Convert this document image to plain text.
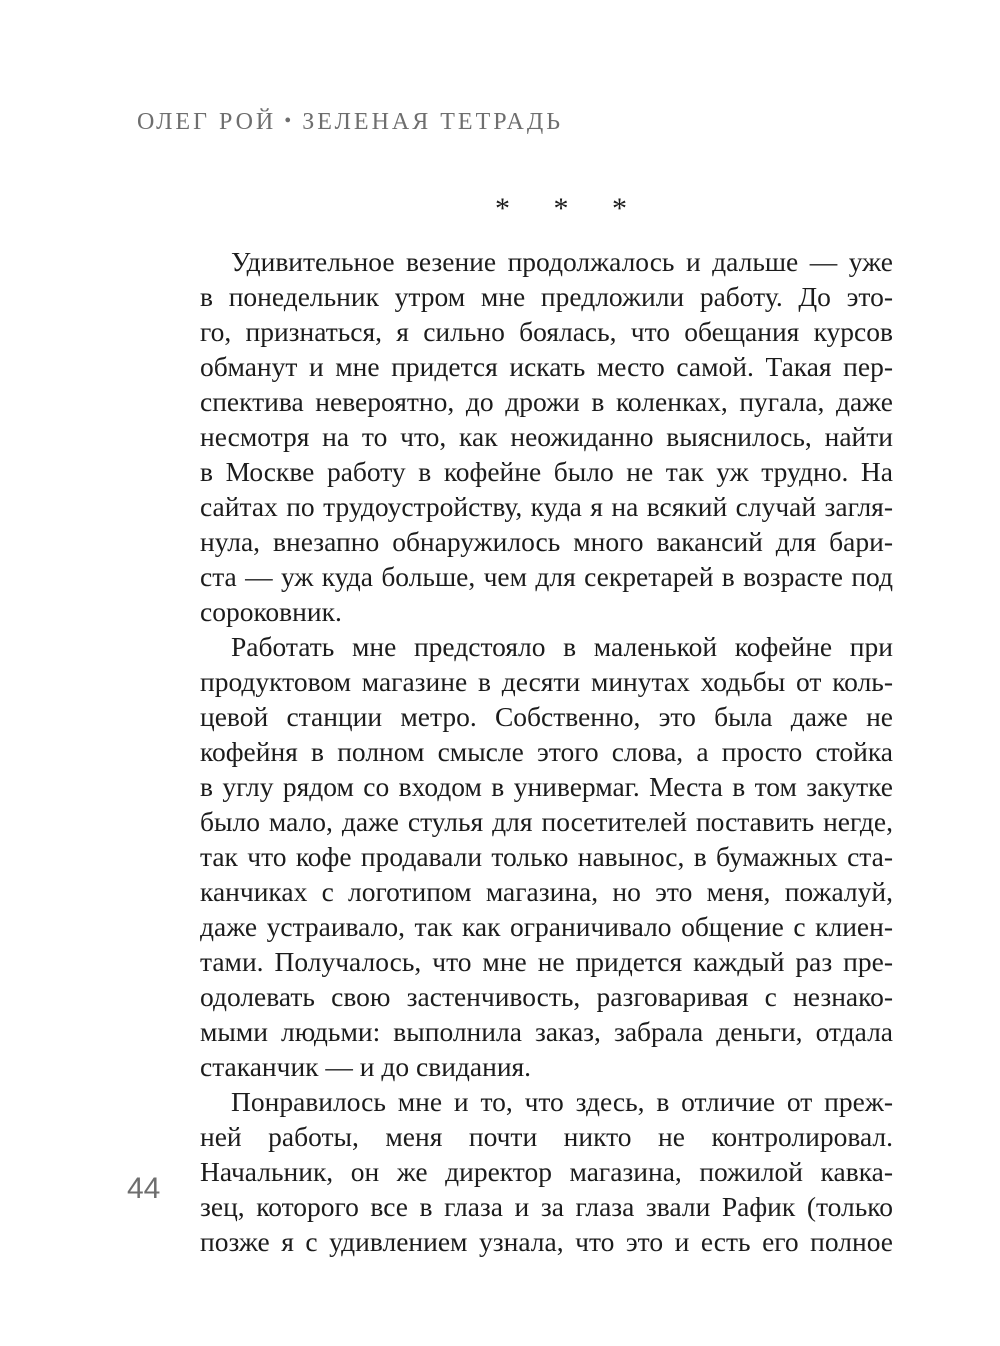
ОЛЕГ РОЙ • ЗЕЛЕНАЯ ТЕТРАДЬ
* * *
Удивительное везение продолжалось и дальше — уже
в понедельник утром мне предложили работу. До это-
го, признаться, я сильно боялась, что обещания курсов
обманут и мне придется искать место самой. Такая пер-
спектива невероятно, до дрожи в коленках, пугала, даже
несмотря на то что, как неожиданно выяснилось, найти
в Москве работу в кофейне было не так уж трудно. На
сайтах по трудоустройству, куда я на всякий случай загля-
нула, внезапно обнаружилось много вакансий для бари-
ста — уж куда больше, чем для секретарей в возрасте под
сороковник.
Работать мне предстояло в маленькой кофейне при
продуктовом магазине в десяти минутах ходьбы от коль-
цевой станции метро. Собственно, это была даже не
кофейня в полном смысле этого слова, а просто стойка
в углу рядом со входом в универмаг. Места в том закутке
было мало, даже стулья для посетителей поставить негде,
так что кофе продавали только навынос, в бумажных ста-
канчиках с логотипом магазина, но это меня, пожалуй,
даже устраивало, так как ограничивало общение с клиен-
тами. Получалось, что мне не придется каждый раз пре-
одолевать свою застенчивость, разговаривая с незнако-
мыми людьми: выполнила заказ, забрала деньги, отдала
стаканчик — и до свидания.
Понравилось мне и то, что здесь, в отличие от преж-
ней работы, меня почти никто не контролировал.
Начальник, он же директор магазина, пожилой кавка-
зец, которого все в глаза и за глаза звали Рафик (только
позже я с удивлением узнала, что это и есть его полное
44
